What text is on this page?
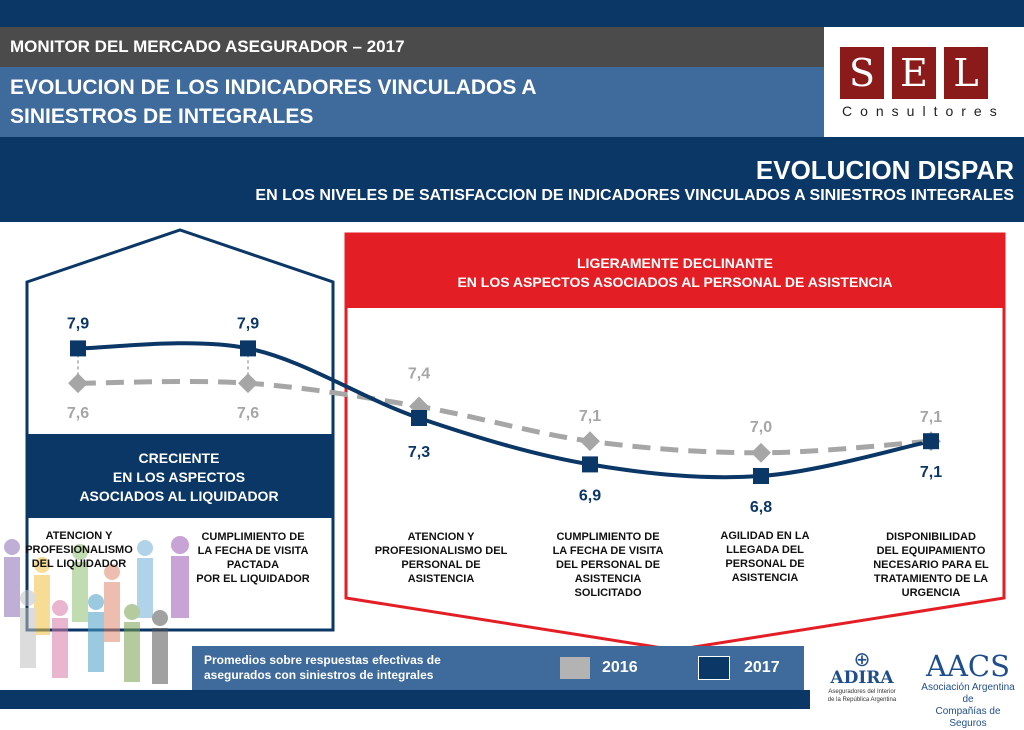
MONITOR DEL MERCADO ASEGURADOR – 2017
EVOLUCION DE LOS INDICADORES VINCULADOS A
SINIESTROS DE INTEGRALES
S E L
Consultores
EVOLUCION DISPAR
EN LOS NIVELES DE SATISFACCION DE INDICADORES VINCULADOS A SINIESTROS INTEGRALES
7,6	7,6
7,4
7,1
7,0
7,1
7,9	7,9
7,3
6,9
6,8
7,1
LIGERAMENTE DECLINANTE
EN LOS ASPECTOS ASOCIADOS AL PERSONAL DE ASISTENCIA
CRECIENTE
EN LOS ASPECTOS
ASOCIADOS AL LIQUIDADOR
ATENCION Y
PROFESIONALISMO
DEL LIQUIDADOR
CUMPLIMIENTO DE
LA FECHA DE VISITA
PACTADA
POR EL LIQUIDADOR
ATENCION Y
PROFESIONALISMO DEL
PERSONAL DE
ASISTENCIA
CUMPLIMIENTO DE
LA FECHA DE VISITA
DEL PERSONAL DE
ASISTENCIA
SOLICITADO
AGILIDAD EN LA
LLEGADA DEL
PERSONAL DE
ASISTENCIA
DISPONIBILIDAD
DEL EQUIPAMIENTO
NECESARIO PARA EL
TRATAMIENTO DE LA
URGENCIA
Promedios sobre respuestas efectivas de
asegurados con siniestros de integrales	2016	2017	⊕
ADIRA
Aseguradores del Interior
de la República Argentina
AACS
Asociación Argentina de
Compañías de Seguros
